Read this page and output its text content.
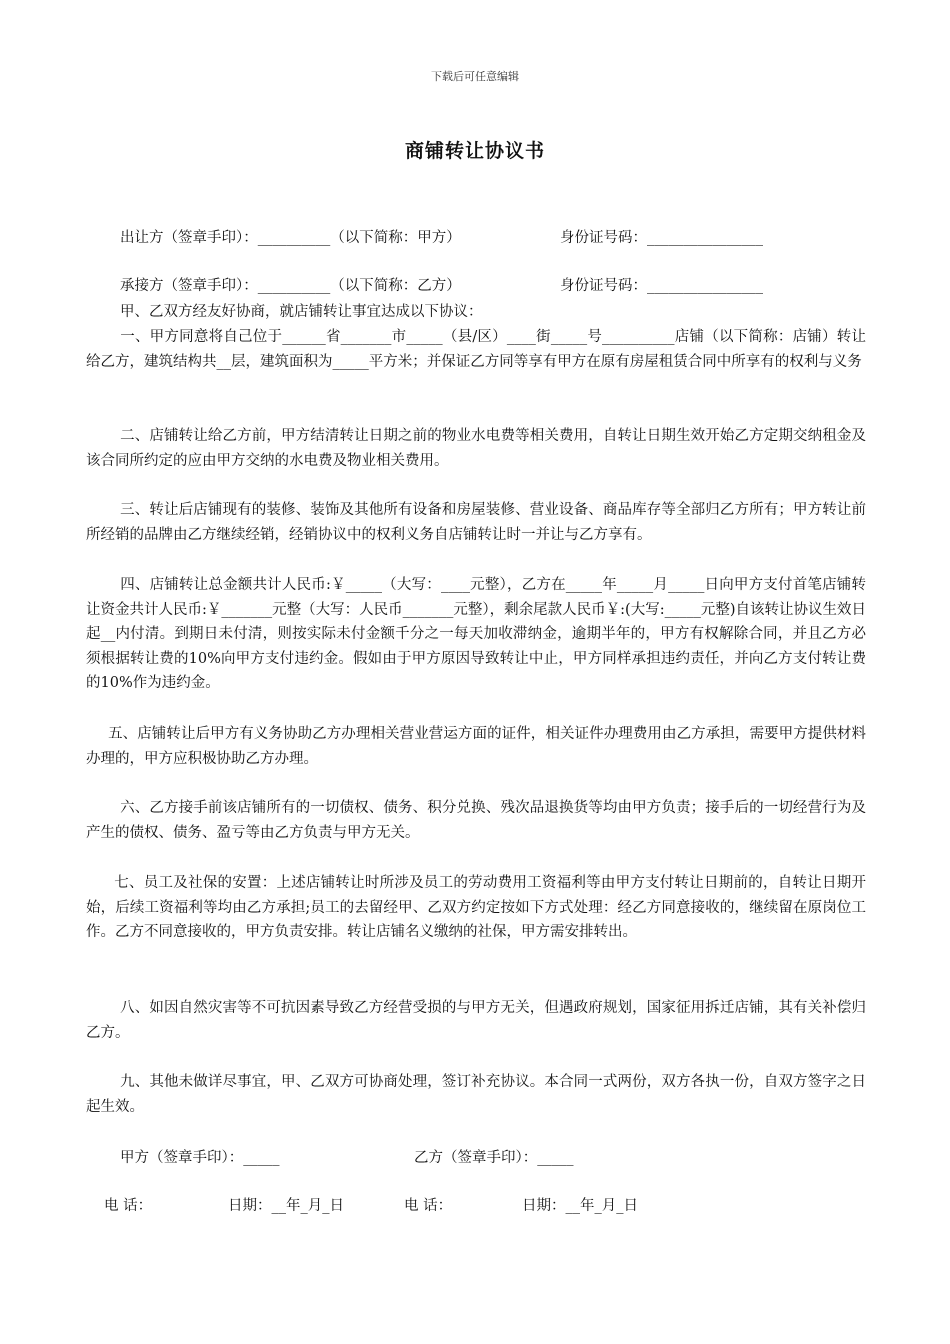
下载后可任意编辑
商铺转让协议书
出让方（签章手印）：__________（以下简称：甲方）	身份证号码：________________
承接方（签章手印）：__________（以下简称：乙方）	身份证号码：________________
甲、乙双方经友好协商，就店铺转让事宜达成以下协议：
一、甲方同意将自己位于______省_______市_____（县/区）____街_____号__________店铺（以下简称：店铺）转让给乙方，建筑结构共__层，建筑面积为_____平方米；并保证乙方同等享有甲方在原有房屋租赁合同中所享有的权利与义务
二、店铺转让给乙方前，甲方结清转让日期之前的物业水电费等相关费用，自转让日期生效开始乙方定期交纳租金及该合同所约定的应由甲方交纳的水电费及物业相关费用。
三、转让后店铺现有的装修、装饰及其他所有设备和房屋装修、营业设备、商品库存等全部归乙方所有；甲方转让前所经销的品牌由乙方继续经销，经销协议中的权利义务自店铺转让时一并让与乙方享有。
四、店铺转让总金额共计人民币:￥_____（大写：____元整），乙方在_____年_____月_____日向甲方支付首笔店铺转让资金共计人民币:￥_______元整（大写：人民币_______元整），剩余尾款人民币￥:(大写:_____元整)自该转让协议生效日起__内付清。到期日未付清，则按实际未付金额千分之一每天加收滞纳金，逾期半年的，甲方有权解除合同，并且乙方必须根据转让费的10%向甲方支付违约金。假如由于甲方原因导致转让中止，甲方同样承担违约责任，并向乙方支付转让费的10%作为违约金。
五、店铺转让后甲方有义务协助乙方办理相关营业营运方面的证件，相关证件办理费用由乙方承担，需要甲方提供材料办理的，甲方应积极协助乙方办理。
六、乙方接手前该店铺所有的一切债权、债务、积分兑换、残次品退换货等均由甲方负责；接手后的一切经营行为及产生的债权、债务、盈亏等由乙方负责与甲方无关。
七、员工及社保的安置：上述店铺转让时所涉及员工的劳动费用工资福利等由甲方支付转让日期前的，自转让日期开始，后续工资福利等均由乙方承担;员工的去留经甲、乙双方约定按如下方式处理：经乙方同意接收的，继续留在原岗位工作。乙方不同意接收的，甲方负责安排。转让店铺名义缴纳的社保，甲方需安排转出。
八、如因自然灾害等不可抗因素导致乙方经营受损的与甲方无关，但遇政府规划，国家征用拆迁店铺，其有关补偿归乙方。
九、其他未做详尽事宜，甲、乙双方可协商处理，签订补充协议。本合同一式两份，双方各执一份，自双方签字之日起生效。
甲方（签章手印）：_____	乙方（签章手印）：_____
电 话：	日期：__年_月_日	电 话：	日期：__年_月_日
